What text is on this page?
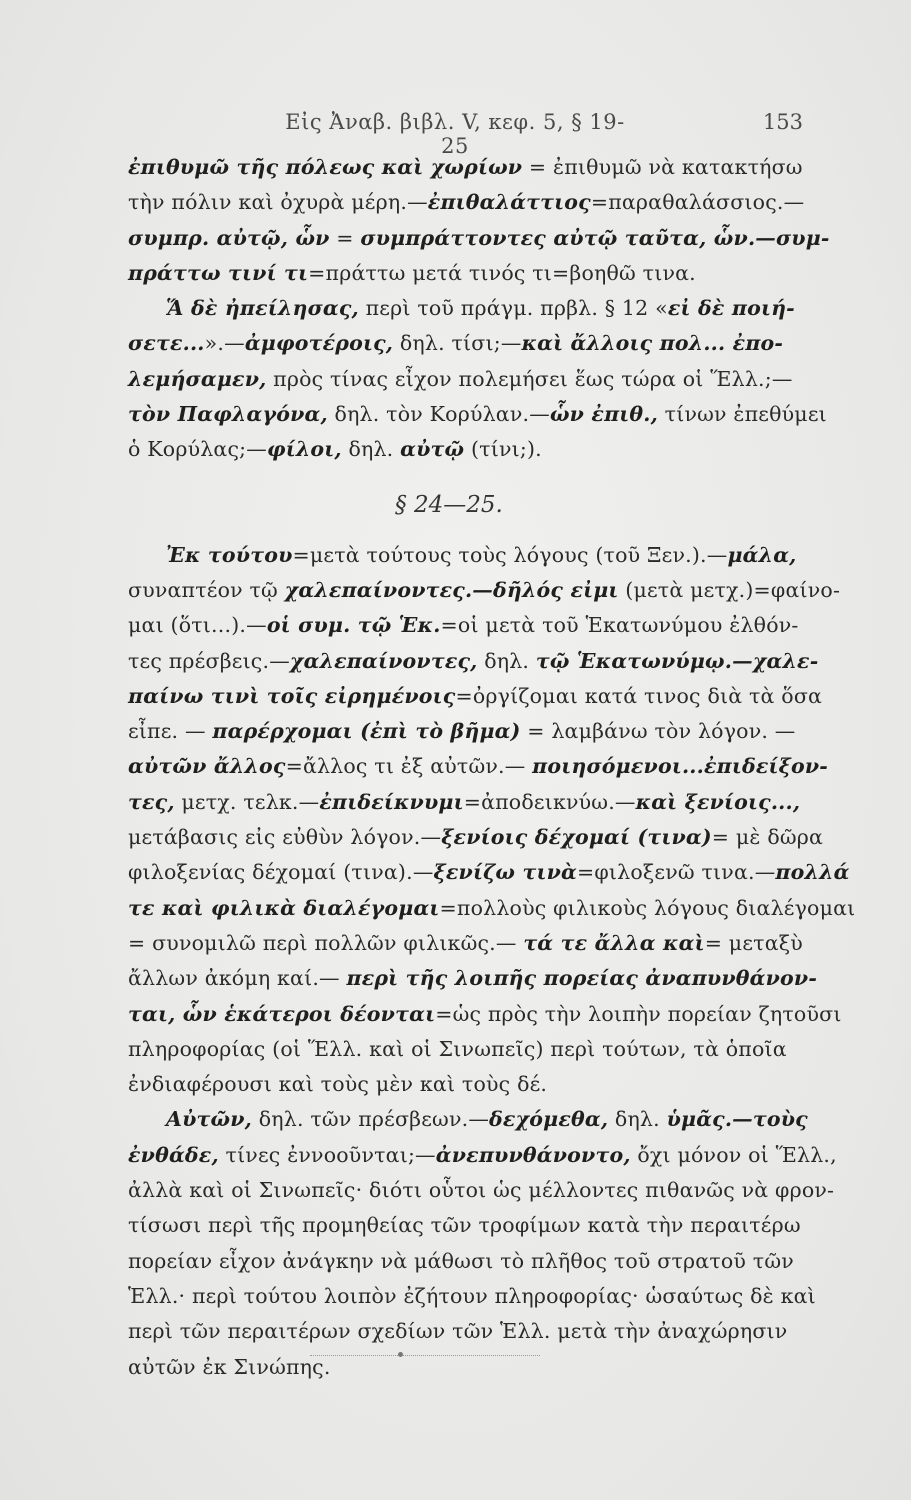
Εἰς Ἀναβ. βιβλ. V, κεφ. 5, § 19-25
153
ἐπιθυμῶ τῆς πόλεως καὶ χωρίων = ἐπιθυμῶ νὰ κατακτήσω
τὴν πόλιν καὶ ὀχυρὰ μέρη.—ἐπιθαλάττιος=παραθαλάσσιος.—
συμπρ. αὐτῷ, ὧν = συμπράττοντες αὐτῷ ταῦτα, ὧν.—συμ-
πράττω τινί τι=πράττω μετά τινός τι=βοηθῶ τινα.
Ἅ δὲ ἠπείλησας, περὶ τοῦ πράγμ. πρβλ. § 12 «εἰ δὲ ποιή-
σετε...».—ἀμφοτέροις, δηλ. τίσι;—καὶ ἄλλοις πολ... ἐπο-
λεμήσαμεν, πρὸς τίνας εἶχον πολεμήσει ἕως τώρα οἱ Ἕλλ.;—
τὸν Παφλαγόνα, δηλ. τὸν Κορύλαν.—ὧν ἐπιθ., τίνων ἐπεθύμει
ὁ Κορύλας;—φίλοι, δηλ. αὐτῷ (τίνι;).
§ 24—25.
Ἐκ τούτου=μετὰ τούτους τοὺς λόγους (τοῦ Ξεν.).—μάλα,
συναπτέον τῷ χαλεπαίνοντες.—δῆλός εἰμι (μετὰ μετχ.)=φαίνο-
μαι (ὅτι...).—οἱ συμ. τῷ Ἑκ.=οἱ μετὰ τοῦ Ἑκατωνύμου ἐλθόν-
τες πρέσβεις.—χαλεπαίνοντες, δηλ. τῷ Ἑκατωνύμῳ.—χαλε-
παίνω τινὶ τοῖς εἰρημένοις=ὀργίζομαι κατά τινος διὰ τὰ ὅσα
εἶπε. — παρέρχομαι (ἐπὶ τὸ βῆμα) = λαμβάνω τὸν λόγον. —
αὐτῶν ἄλλος=ἄλλος τι ἐξ αὐτῶν.— ποιησόμενοι...ἐπιδείξον-
τες, μετχ. τελκ.—ἐπιδείκνυμι=ἀποδεικνύω.—καὶ ξενίοις...,
μετάβασις εἰς εὐθὺν λόγον.—ξενίοις δέχομαί (τινα)= μὲ δῶρα
φιλοξενίας δέχομαί (τινα).—ξενίζω τινὰ=φιλοξενῶ τινα.—πολλά
τε καὶ φιλικὰ διαλέγομαι=πολλοὺς φιλικοὺς λόγους διαλέγομαι
= συνομιλῶ περὶ πολλῶν φιλικῶς.— τά τε ἄλλα καὶ= μεταξὺ
ἄλλων ἀκόμη καί.— περὶ τῆς λοιπῆς πορείας ἀναπυνθάνον-
ται, ὧν ἑκάτεροι δέονται=ὡς πρὸς τὴν λοιπὴν πορείαν ζητοῦσι
πληροφορίας (οἱ Ἕλλ. καὶ οἱ Σινωπεῖς) περὶ τούτων, τὰ ὁποῖα
ἐνδιαφέρουσι καὶ τοὺς μὲν καὶ τοὺς δέ.
Αὐτῶν, δηλ. τῶν πρέσβεων.—δεχόμεθα, δηλ. ὑμᾶς.—τοὺς
ἐνθάδε, τίνες ἐννοοῦνται;—ἀνεπυνθάνοντο, ὄχι μόνον οἱ Ἕλλ.,
ἀλλὰ καὶ οἱ Σινωπεῖς· διότι οὗτοι ὡς μέλλοντες πιθανῶς νὰ φρον-
τίσωσι περὶ τῆς προμηθείας τῶν τροφίμων κατὰ τὴν περαιτέρω
πορείαν εἶχον ἀνάγκην νὰ μάθωσι τὸ πλῆθος τοῦ στρατοῦ τῶν
Ἑλλ.· περὶ τούτου λοιπὸν ἐζήτουν πληροφορίας· ὡσαύτως δὲ καὶ
περὶ τῶν περαιτέρων σχεδίων τῶν Ἑλλ. μετὰ τὴν ἀναχώρησιν
αὐτῶν ἐκ Σινώπης.
